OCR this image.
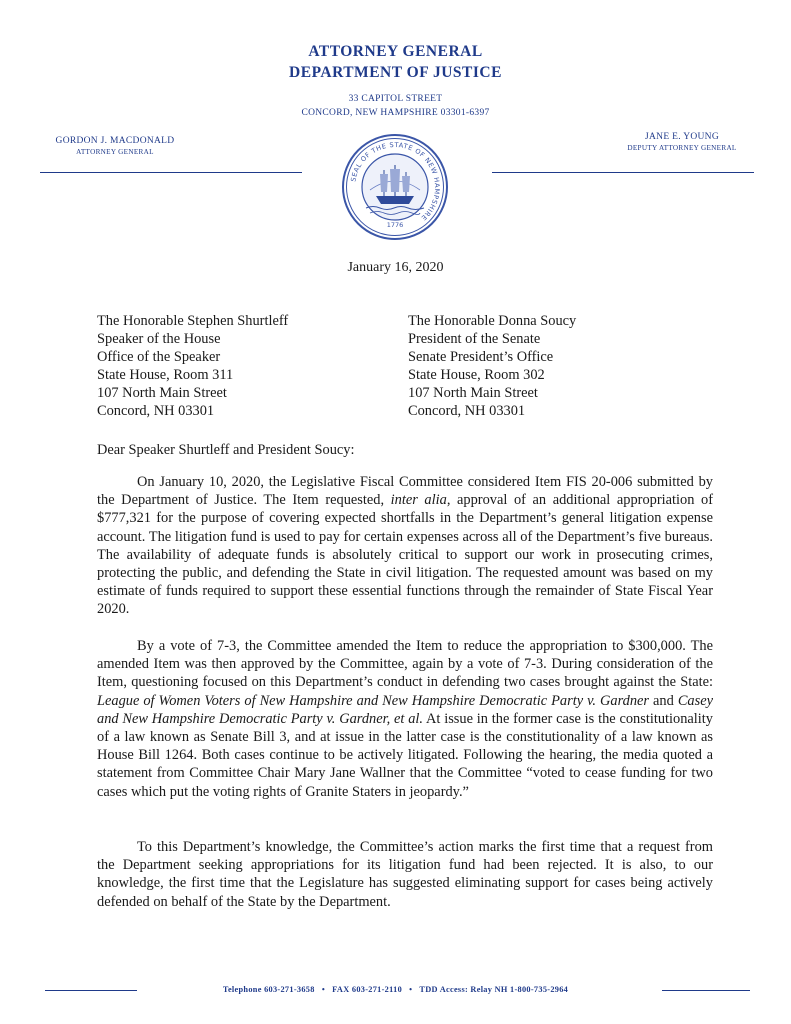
ATTORNEY GENERAL
DEPARTMENT OF JUSTICE
33 CAPITOL STREET
CONCORD, NEW HAMPSHIRE 03301-6397
GORDON J. MACDONALD
ATTORNEY GENERAL
JANE E. YOUNG
DEPUTY ATTORNEY GENERAL
SEAL OF THE STATE OF NEW HAMPSHIRE
1776
January 16, 2020
The Honorable Stephen Shurtleff
Speaker of the House
Office of the Speaker
State House, Room 311
107 North Main Street
Concord, NH 03301
The Honorable Donna Soucy
President of the Senate
Senate President’s Office
State House, Room 302
107 North Main Street
Concord, NH 03301
Dear Speaker Shurtleff and President Soucy:
On January 10, 2020, the Legislative Fiscal Committee considered Item FIS 20-006 submitted by the Department of Justice. The Item requested, inter alia, approval of an additional appropriation of $777,321 for the purpose of covering expected shortfalls in the Department’s general litigation expense account. The litigation fund is used to pay for certain expenses across all of the Department’s five bureaus. The availability of adequate funds is absolutely critical to support our work in prosecuting crimes, protecting the public, and defending the State in civil litigation. The requested amount was based on my estimate of funds required to support these essential functions through the remainder of State Fiscal Year 2020.
By a vote of 7-3, the Committee amended the Item to reduce the appropriation to $300,000. The amended Item was then approved by the Committee, again by a vote of 7-3. During consideration of the Item, questioning focused on this Department’s conduct in defending two cases brought against the State: League of Women Voters of New Hampshire and New Hampshire Democratic Party v. Gardner and Casey and New Hampshire Democratic Party v. Gardner, et al. At issue in the former case is the constitutionality of a law known as Senate Bill 3, and at issue in the latter case is the constitutionality of a law known as House Bill 1264. Both cases continue to be actively litigated. Following the hearing, the media quoted a statement from Committee Chair Mary Jane Wallner that the Committee “voted to cease funding for two cases which put the voting rights of Granite Staters in jeopardy.”
To this Department’s knowledge, the Committee’s action marks the first time that a request from the Department seeking appropriations for its litigation fund had been rejected. It is also, to our knowledge, the first time that the Legislature has suggested eliminating support for cases being actively defended on behalf of the State by the Department.
Telephone 603-271-3658 • FAX 603-271-2110 • TDD Access: Relay NH 1-800-735-2964
